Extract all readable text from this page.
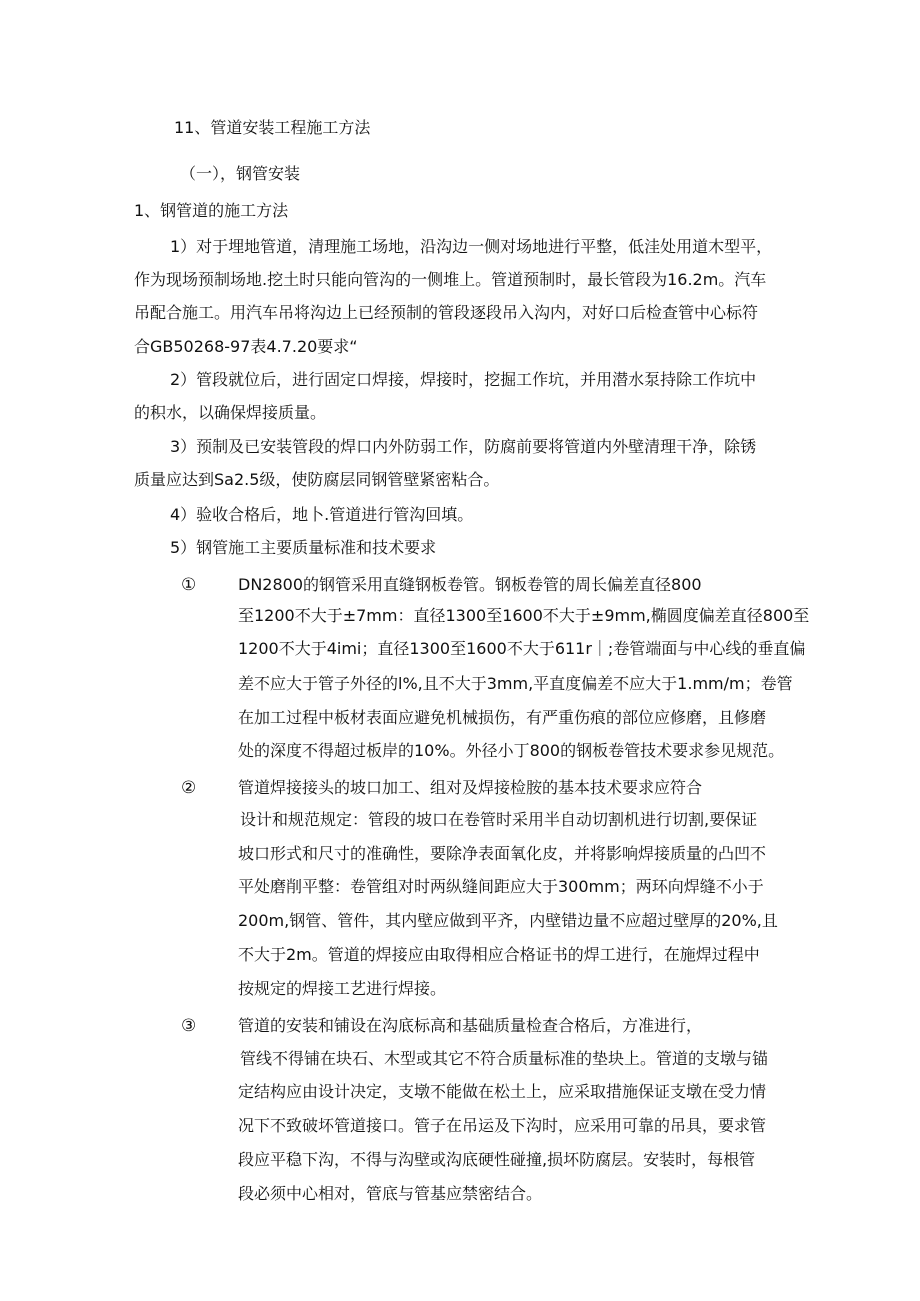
11、管道安装工程施工方法
（一），钢管安装
1、钢管道的施工方法
1）对于埋地管道，清理施工场地，沿沟边一侧对场地进行平整，低洼处用道木型平，
作为现场预制场地.挖土时只能向管沟的一侧堆上。管道预制时，最长管段为16.2m。汽车
吊配合施工。用汽车吊将沟边上已经预制的管段逐段吊入沟内，对好口后检查管中心标符
合GB50268-97表4.7.20要求“
2）管段就位后，进行固定口焊接，焊接时，挖掘工作坑，并用潜水泵持除工作坑中
的积水，以确保焊接质量。
3）预制及已安装管段的焊口内外防弱工作，防腐前要将管道内外壁清理干净，除锈
质量应达到Sa2.5级，使防腐层同钢管壁紧密粘合。
4）验收合格后，地卜.管道进行管沟回填。
5）钢管施工主要质量标准和技术要求
①	DN2800的钢管采用直缝钢板卷管。钢板卷管的周长偏差直径800
至1200不大于±7mm：直径1300至1600不大于±9mm,椭圆度偏差直径800至
1200不大于4imi；直径1300至1600不大于611r｜;卷管端面与中心线的垂直偏
差不应大于管子外径的l%,且不大于3mm,平直度偏差不应大于1.mm∕m；卷管
在加工过程中板材表面应避免机械损伤，有严重伤痕的部位应修磨，且修磨
处的深度不得超过板岸的10%。外径小丁800的钢板卷管技术要求参见规范。
②	管道焊接接头的坡口加工、组对及焊接检胺的基本技术要求应符合
设计和规范规定：管段的坡口在卷管时采用半自动切割机进行切割,要保证
坡口形式和尺寸的准确性，要除净表面氧化皮，并将影响焊接质量的凸凹不
平处磨削平整：卷管组对时两纵缝间距应大于300mm；两环向焊缝不小于
200m,钢管、管件，其内壁应做到平齐，内壁错边量不应超过壁厚的20%,且
不大于2m。管道的焊接应由取得相应合格证书的焊工进行，在施焊过程中
按规定的焊接工艺进行焊接。
③	管道的安装和铺设在沟底标高和基础质量检查合格后，方准进行，
管线不得铺在块石、木型或其它不符合质量标准的垫块上。管道的支墩与锚
定结构应由设计决定，支墩不能做在松土上，应采取措施保证支墩在受力情
况下不致破坏管道接口。管子在吊运及下沟时，应采用可靠的吊具，要求管
段应平稳下沟，不得与沟壁或沟底硬性碰撞,损坏防腐层。安装时，每根管
段必须中心相对，管底与管基应禁密结合。
